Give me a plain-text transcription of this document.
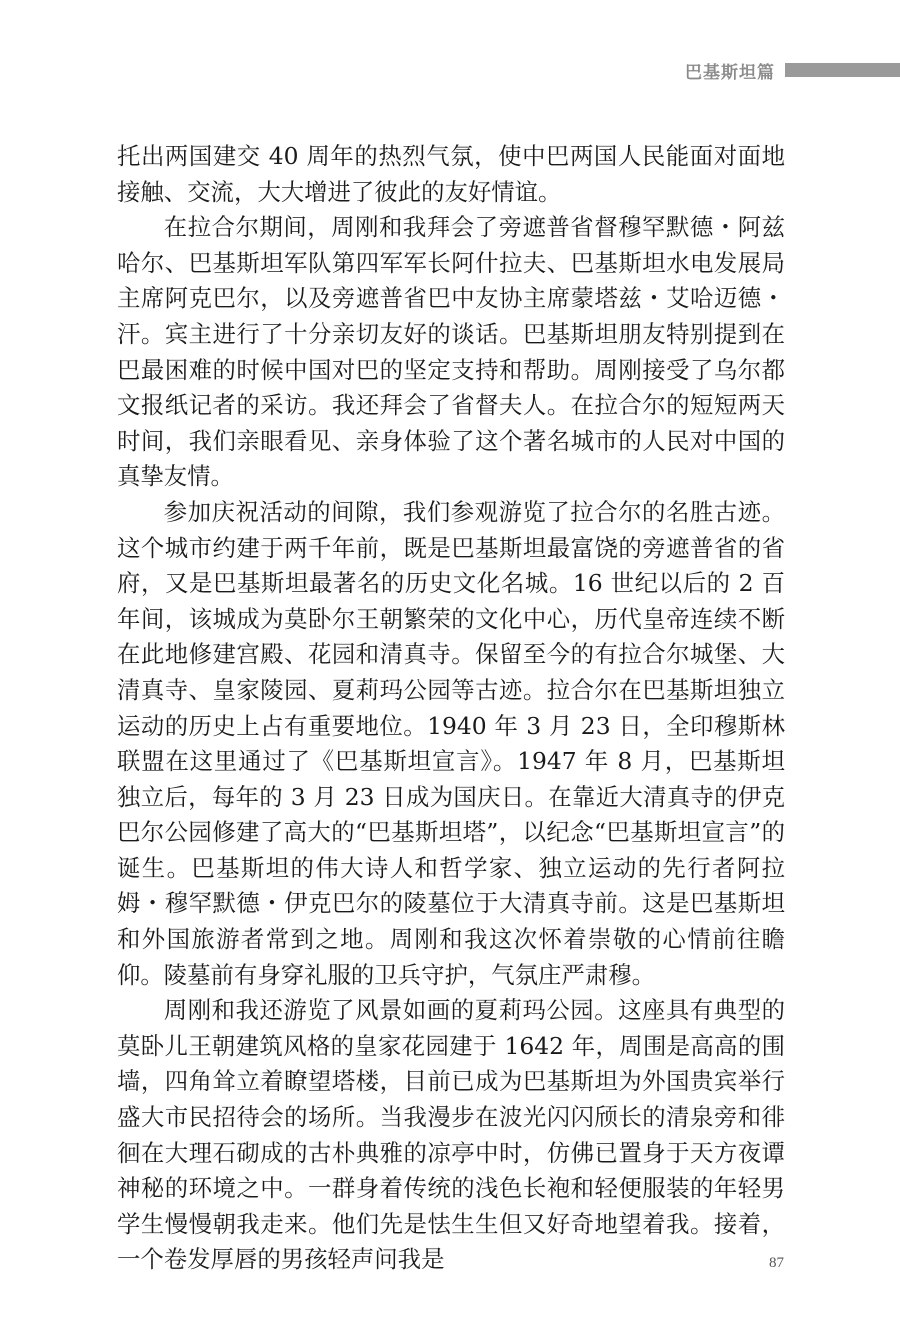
巴基斯坦篇

托出两国建交 40 周年的热烈气氛，使中巴两国人民能面对面地接触、交流，大大增进了彼此的友好情谊。

在拉合尔期间，周刚和我拜会了旁遮普省督穆罕默德・阿兹哈尔、巴基斯坦军队第四军军长阿什拉夫、巴基斯坦水电发展局主席阿克巴尔，以及旁遮普省巴中友协主席蒙塔兹・艾哈迈德・汗。宾主进行了十分亲切友好的谈话。巴基斯坦朋友特别提到在巴最困难的时候中国对巴的坚定支持和帮助。周刚接受了乌尔都文报纸记者的采访。我还拜会了省督夫人。在拉合尔的短短两天时间，我们亲眼看见、亲身体验了这个著名城市的人民对中国的真挚友情。

参加庆祝活动的间隙，我们参观游览了拉合尔的名胜古迹。这个城市约建于两千年前，既是巴基斯坦最富饶的旁遮普省的省府，又是巴基斯坦最著名的历史文化名城。16 世纪以后的 2 百年间，该城成为莫卧尔王朝繁荣的文化中心，历代皇帝连续不断在此地修建宫殿、花园和清真寺。保留至今的有拉合尔城堡、大清真寺、皇家陵园、夏莉玛公园等古迹。拉合尔在巴基斯坦独立运动的历史上占有重要地位。1940 年 3 月 23 日，全印穆斯林联盟在这里通过了《巴基斯坦宣言》。1947 年 8 月，巴基斯坦独立后，每年的 3 月 23 日成为国庆日。在靠近大清真寺的伊克巴尔公园修建了高大的“巴基斯坦塔”，以纪念“巴基斯坦宣言”的诞生。巴基斯坦的伟大诗人和哲学家、独立运动的先行者阿拉姆・穆罕默德・伊克巴尔的陵墓位于大清真寺前。这是巴基斯坦和外国旅游者常到之地。周刚和我这次怀着崇敬的心情前往瞻仰。陵墓前有身穿礼服的卫兵守护，气氛庄严肃穆。

周刚和我还游览了风景如画的夏莉玛公园。这座具有典型的莫卧儿王朝建筑风格的皇家花园建于 1642 年，周围是高高的围墙，四角耸立着瞭望塔楼，目前已成为巴基斯坦为外国贵宾举行盛大市民招待会的场所。当我漫步在波光闪闪颀长的清泉旁和徘徊在大理石砌成的古朴典雅的凉亭中时，仿佛已置身于天方夜谭神秘的环境之中。一群身着传统的浅色长袍和轻便服装的年轻男学生慢慢朝我走来。他们先是怯生生但又好奇地望着我。接着，一个卷发厚唇的男孩轻声问我是	87
